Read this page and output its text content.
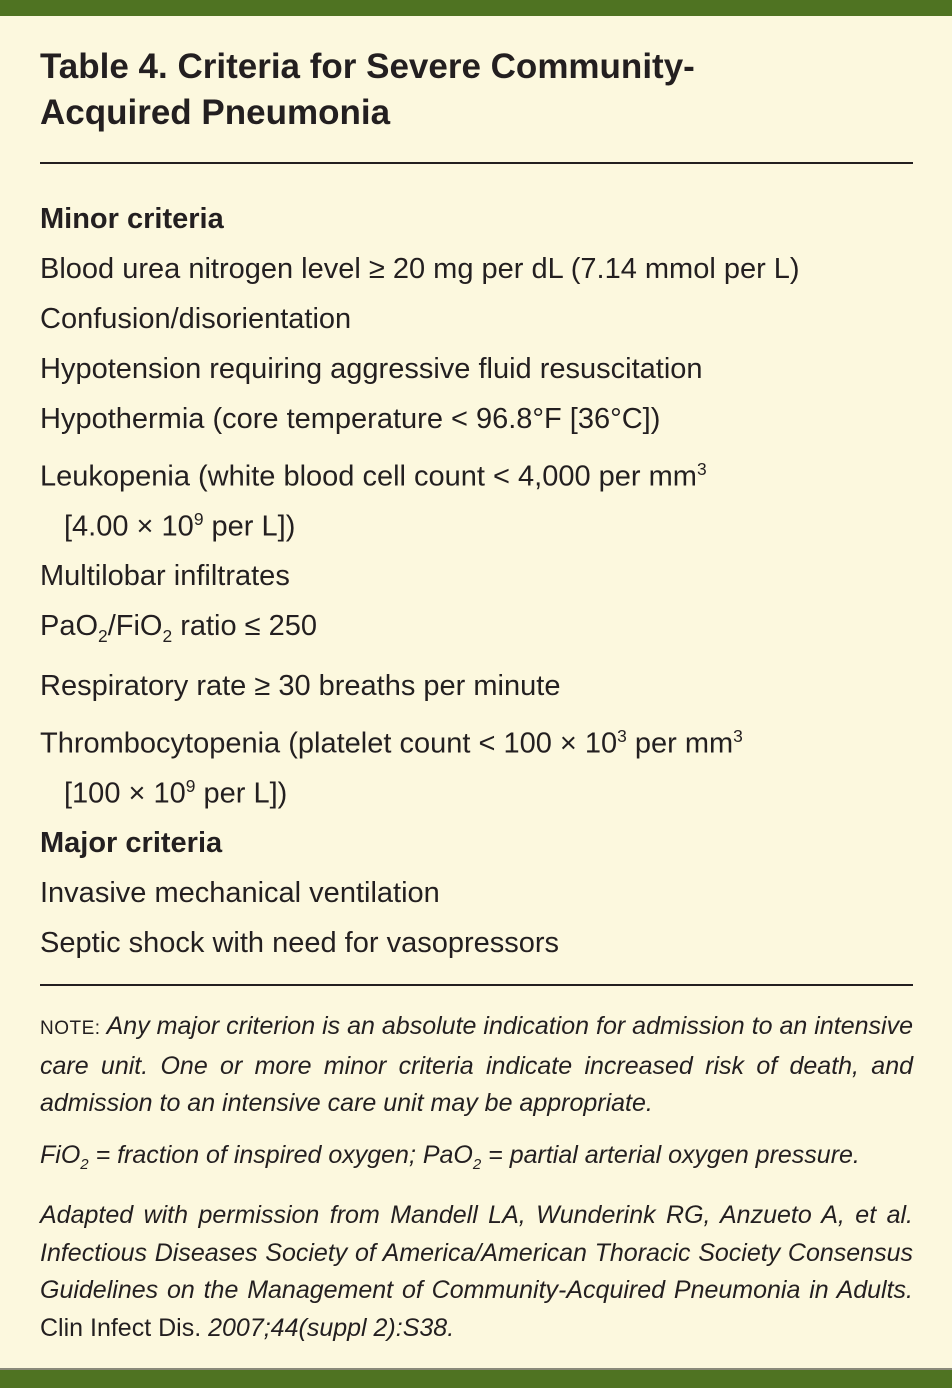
Table 4. Criteria for Severe Community-
Acquired Pneumonia
Minor criteria
Blood urea nitrogen level ≥ 20 mg per dL (7.14 mmol per L)
Confusion/disorientation
Hypotension requiring aggressive fluid resuscitation
Hypothermia (core temperature < 96.8°F [36°C])
Leukopenia (white blood cell count < 4,000 per $mm^3$
[$4.00 \times 10^9$ per L])
Multilobar infiltrates
PaO$_2$/FiO$_2$ ratio ≤ 250
Respiratory rate ≥ 30 breaths per minute
Thrombocytopenia (platelet count < $100 \times 10^3$ per $mm^3$
[$100 \times 10^9$ per L])
Major criteria
Invasive mechanical ventilation
Septic shock with need for vasopressors
NOTE: Any major criterion is an absolute indication for admission to an intensive care unit. One or more minor criteria indicate increased risk of death, and admission to an intensive care unit may be appropriate.
FiO$_2$ = fraction of inspired oxygen; PaO$_2$ = partial arterial oxygen pressure.
Adapted with permission from Mandell LA, Wunderink RG, Anzueto A, et al. Infectious Diseases Society of America/American Thoracic Society Consensus Guidelines on the Management of Community-Acquired Pneumonia in Adults. Clin Infect Dis. 2007;44(suppl 2):S38.
